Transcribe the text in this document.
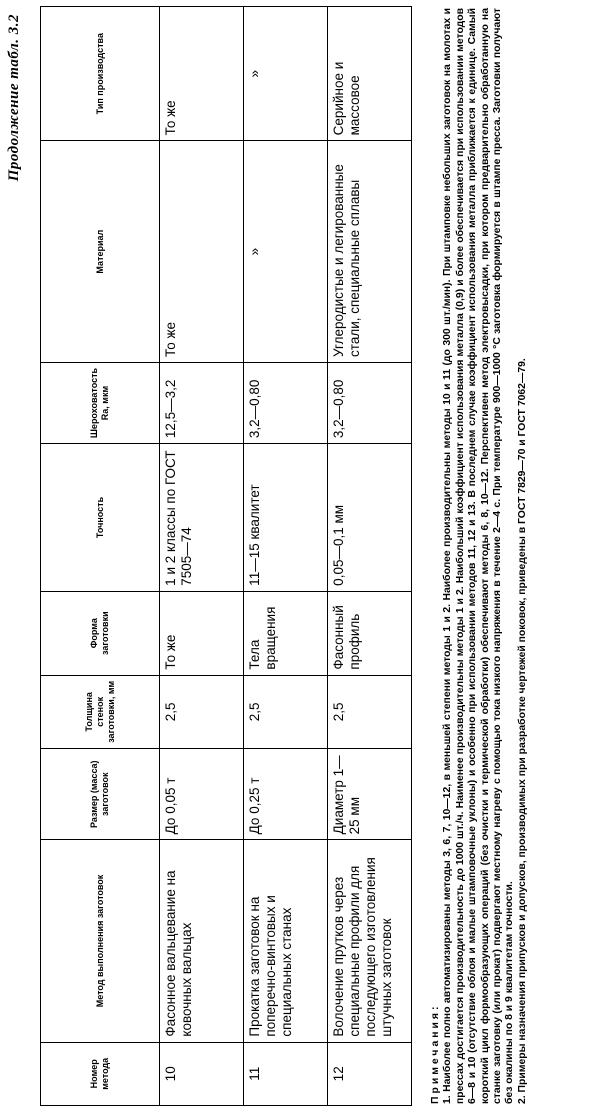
Продолжение табл. 3.2
Номер метода	Метод выполнения заготовок	Размер (масса) заготовок	Толщина стенок заготовки, мм	Форма заготовки	Точность	Шероховатость Ra, мкм	Материал	Тип производства
10	Фасонное вальцевание на ковочных вальцах	До 0,05 т	2,5	То же	1 и 2 классы по ГОСТ 7505—74	12,5—3,2	То же	То же
11	Прокатка заготовок на поперечно-винтовых и специальных станах	До 0,25 т	2,5	Тела вращения	11—15 квалитет	3,2—0,80	»	»
12	Волочение прутков через специальные профили для последующего изготовления штучных заготовок	Диаметр 1—25 мм	2,5	Фасонный профиль	0,05—0,1 мм	3,2—0,80	Углеродистые и легированные стали, специальные сплавы	Серийное и массовое

Примечания: 1. Наиболее полно автоматизированы методы 3, 6, 7, 10—12, в меньшей степени методы 1 и 2. Наиболее производительны методы 10 и 11 (до 300 шт./мин). При штамповке небольших заготовок на молотах и прессах достигается производительность до 1000 шт./ч. Наименее производительны методы 1 и 2. Наибольший коэффициент использования металла (0,9) и более обеспечивается при использовании методов 6—8 и 10 (отсутствие облоя и малые штамповочные уклоны) и особенно при использовании методов 11, 12 и 13. В последнем случае коэффициент использования металла приближается к единице. Самый короткий цикл формообразующих операций (без очистки и термической обработки) обеспечивают методы 6, 8, 10—12. Перспективен метод электровысадки, при котором предварительно обработанную на станке заготовку (или прокат) подвергают местному нагреву с помощью тока низкого напряжения в течение 2—4 с. При температуре 900—1000 °С заготовка формируется в штампе пресса. Заготовки получают без окалины по 8 и 9 квалитетам точности. 2. Примеры назначения припусков и допусков, производимых при разработке чертежей поковок, приведены в ГОСТ 7829—70 и ГОСТ 7062—79.
